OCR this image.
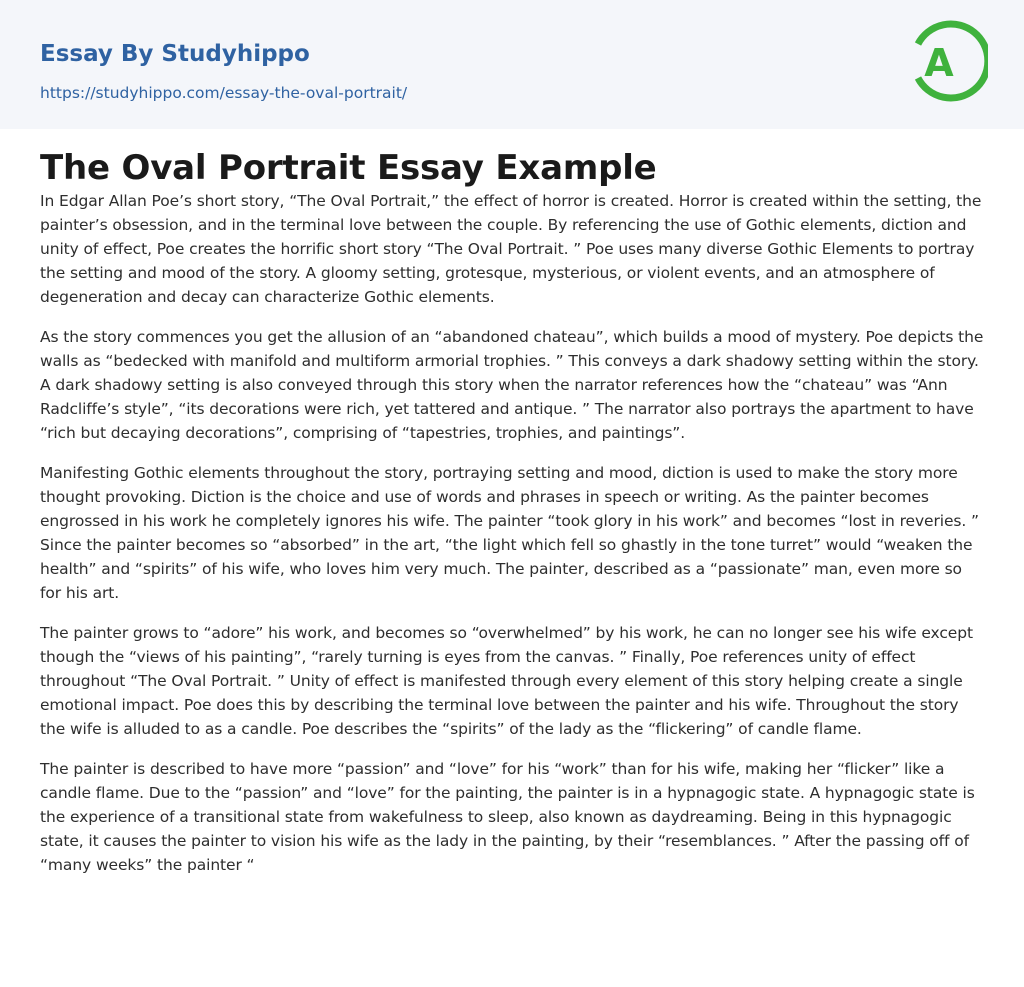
Essay By Studyhippo
https://studyhippo.com/essay-the-oval-portrait/
A
The Oval Portrait Essay Example

In Edgar Allan Poe’s short story, “The Oval Portrait,” the effect of horror is created. Horror is created within the setting, the painter’s obsession, and in the terminal love between the couple. By referencing the use of Gothic elements, diction and unity of effect, Poe creates the horrific short story “The Oval Portrait. ” Poe uses many diverse Gothic Elements to portray the setting and mood of the story. A gloomy setting, grotesque, mysterious, or violent events, and an atmosphere of degeneration and decay can characterize Gothic elements.

As the story commences you get the allusion of an “abandoned chateau”, which builds a mood of mystery. Poe depicts the walls as “bedecked with manifold and multiform armorial trophies. ” This conveys a dark shadowy setting within the story. A dark shadowy setting is also conveyed through this story when the narrator references how the “chateau” was “Ann Radcliffe’s style”, “its decorations were rich, yet tattered and antique. ” The narrator also portrays the apartment to have “rich but decaying decorations”, comprising of “tapestries, trophies, and paintings”.

Manifesting Gothic elements throughout the story, portraying setting and mood, diction is used to make the story more thought provoking. Diction is the choice and use of words and phrases in speech or writing. As the painter becomes engrossed in his work he completely ignores his wife. The painter “took glory in his work” and becomes “lost in reveries. ” Since the painter becomes so “absorbed” in the art, “the light which fell so ghastly in the tone turret” would “weaken the health” and “spirits” of his wife, who loves him very much. The painter, described as a “passionate” man, even more so for his art.

The painter grows to “adore” his work, and becomes so “overwhelmed” by his work, he can no longer see his wife except though the “views of his painting”, “rarely turning is eyes from the canvas. ” Finally, Poe references unity of effect throughout “The Oval Portrait. ” Unity of effect is manifested through every element of this story helping create a single emotional impact. Poe does this by describing the terminal love between the painter and his wife. Throughout the story the wife is alluded to as a candle. Poe describes the “spirits” of the lady as the “flickering” of candle flame.

The painter is described to have more “passion” and “love” for his “work” than for his wife, making her “flicker” like a candle flame. Due to the “passion” and “love” for the painting, the painter is in a hypnagogic state. A hypnagogic state is the experience of a transitional state from wakefulness to sleep, also known as daydreaming. Being in this hypnagogic state, it causes the painter to vision his wife as the lady in the painting, by their “resemblances. ” After the passing off of “many weeks” the painter “
